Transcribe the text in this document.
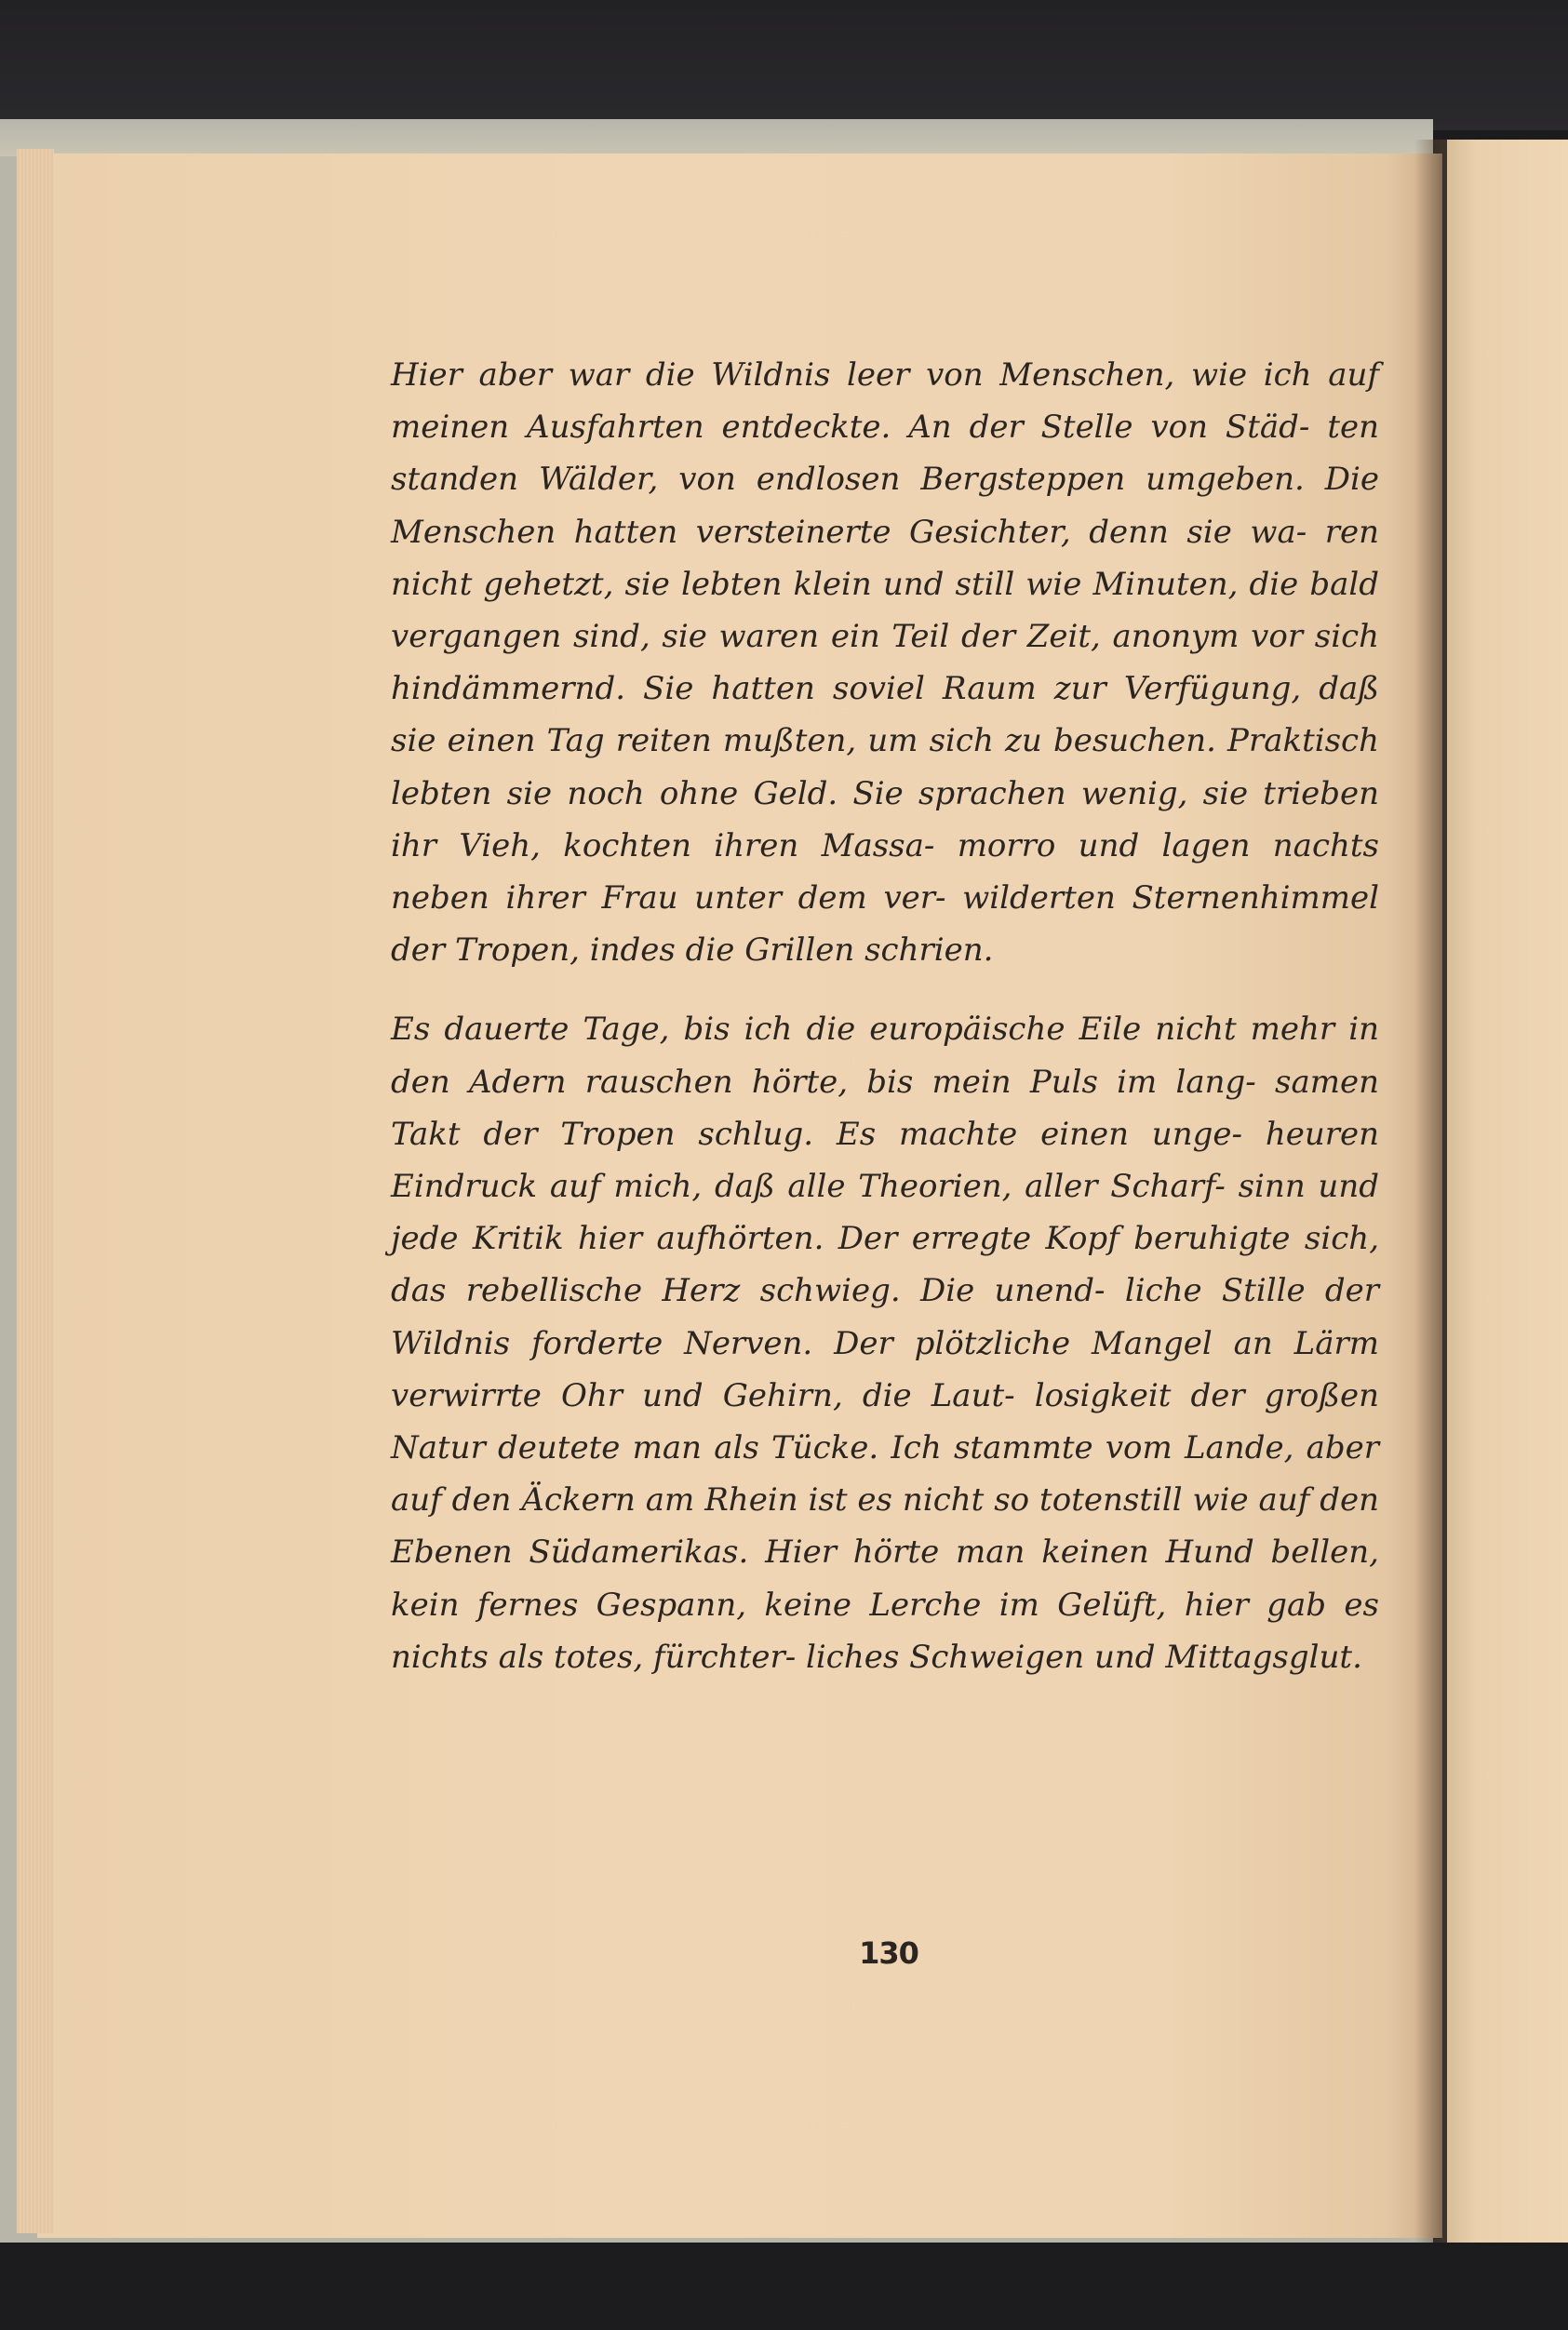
Hier aber war die Wildnis leer von Menschen, wie ich auf meinen Ausfahrten entdeckte. An der Stelle von Städ- ten standen Wälder, von endlosen Bergsteppen umgeben. Die Menschen hatten versteinerte Gesichter, denn sie wa- ren nicht gehetzt, sie lebten klein und still wie Minuten, die bald vergangen sind, sie waren ein Teil der Zeit, anonym vor sich hindämmernd. Sie hatten soviel Raum zur Verfügung, daß sie einen Tag reiten mußten, um sich zu besuchen. Praktisch lebten sie noch ohne Geld. Sie sprachen wenig, sie trieben ihr Vieh, kochten ihren Massa- morro und lagen nachts neben ihrer Frau unter dem ver- wilderten Sternenhimmel der Tropen, indes die Grillen schrien.

Es dauerte Tage, bis ich die europäische Eile nicht mehr in den Adern rauschen hörte, bis mein Puls im lang- samen Takt der Tropen schlug. Es machte einen unge- heuren Eindruck auf mich, daß alle Theorien, aller Scharf- sinn und jede Kritik hier aufhörten. Der erregte Kopf beruhigte sich, das rebellische Herz schwieg. Die unend- liche Stille der Wildnis forderte Nerven. Der plötzliche Mangel an Lärm verwirrte Ohr und Gehirn, die Laut- losigkeit der großen Natur deutete man als Tücke. Ich stammte vom Lande, aber auf den Äckern am Rhein ist es nicht so totenstill wie auf den Ebenen Südamerikas. Hier hörte man keinen Hund bellen, kein fernes Gespann, keine Lerche im Gelüft, hier gab es nichts als totes, fürchter- liches Schweigen und Mittagsglut.

130
